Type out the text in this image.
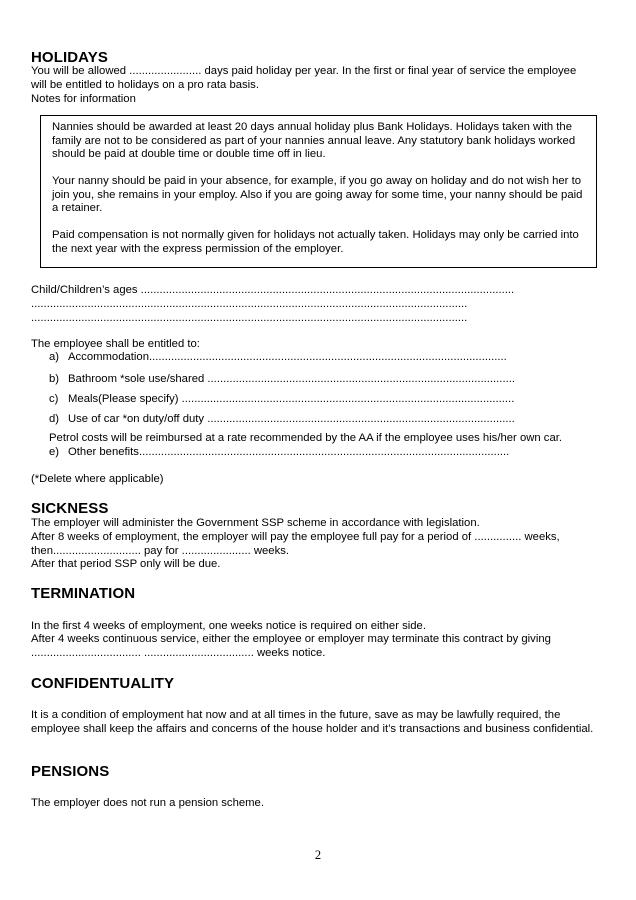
HOLIDAYS

You will be allowed ....................... days paid holiday per year. In the first or final year of service the employee

will be entitled to holidays on a pro rata basis.

Notes for information

Nannies should be awarded at least 20 days annual holiday plus Bank Holidays. Holidays taken with the family are not to be considered as part of your nannies annual leave. Any statutory bank holidays worked should be paid at double time or double time off in lieu.

Your nanny should be paid in your absence, for example, if you go away on holiday and do not wish her to join you, she remains in your employ. Also if you are going away for some time, your nanny should be paid a retainer.

Paid compensation is not normally given for holidays not actually taken. Holidays may only be carried into the next year with the express permission of the employer.

Child/Children’s ages .......................................................................................................................

...........................................................................................................................................

...........................................................................................................................................

The employee shall be entitled to:

a) Accommodation..................................................................................................................

b) Bathroom *sole use/shared ..................................................................................................

c) Meals(Please specify) ..........................................................................................................

d) Use of car *on duty/off duty ..................................................................................................

Petrol costs will be reimbursed at a rate recommended by the AA if the employee uses his/her own car.

e) Other benefits......................................................................................................................

(*Delete where applicable)

SICKNESS

The employer will administer the Government SSP scheme in accordance with legislation.

After 8 weeks of employment, the employer will pay the employee full pay for a period of ............... weeks,

then............................ pay for ...................... weeks.

After that period SSP only will be due.

TERMINATION

In the first 4 weeks of employment, one weeks notice is required on either side.

After 4 weeks continuous service, either the employee or employer may terminate this contract by giving

................................... ................................... weeks notice.

CONFIDENTUALITY

It is a condition of employment hat now and at all times in the future, save as may be lawfully required, the employee shall keep the affairs and concerns of the house holder and it’s transactions and business confidential.

PENSIONS

The employer does not run a pension scheme.

2
